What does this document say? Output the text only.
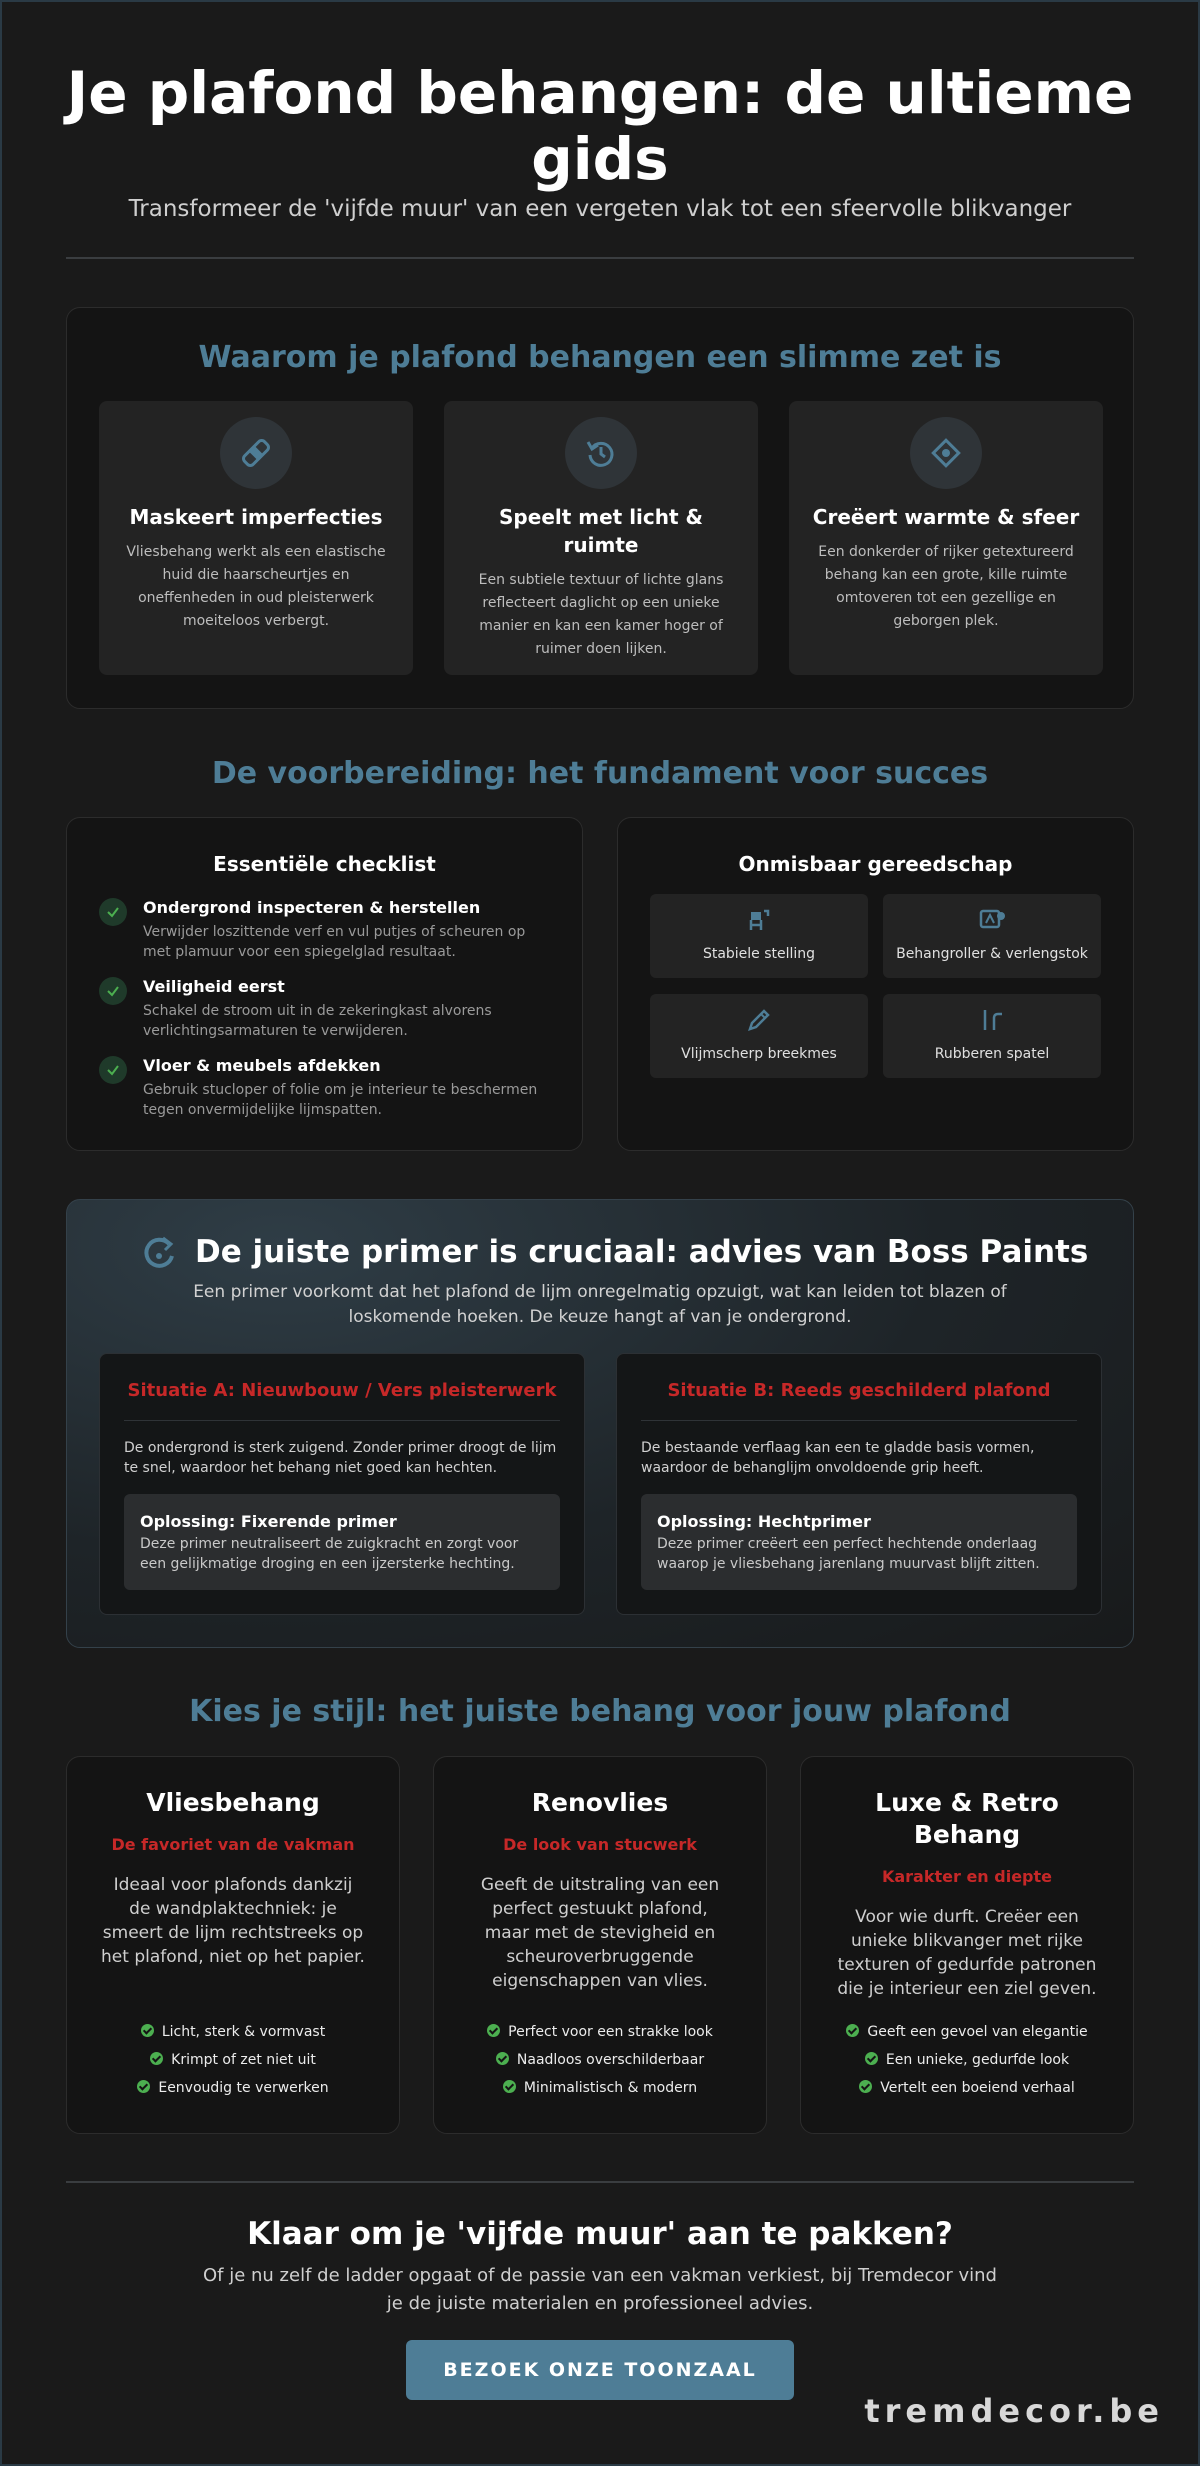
Je plafond behangen: de ultieme gids

Transformeer de 'vijfde muur' van een vergeten vlak tot een sfeervolle blikvanger

Waarom je plafond behangen een slimme zet is
Maskeert imperfecties

Vliesbehang werkt als een elastische huid die haarscheurtjes en oneffenheden in oud pleisterwerk moeiteloos verbergt.

Speelt met licht & ruimte

Een subtiele textuur of lichte glans reflecteert daglicht op een unieke manier en kan een kamer hoger of ruimer doen lijken.

Creëert warmte & sfeer

Een donkerder of rijker getextureerd behang kan een grote, kille ruimte omtoveren tot een gezellige en geborgen plek.

De voorbereiding: het fundament voor succes
Essentiële checklist
Ondergrond inspecteren & herstellen
Verwijder loszittende verf en vul putjes of scheuren op met plamuur voor een spiegelglad resultaat.
Veiligheid eerst
Schakel de stroom uit in de zekeringkast alvorens verlichtingsarmaturen te verwijderen.
Vloer & meubels afdekken
Gebruik stucloper of folie om je interieur te beschermen tegen onvermijdelijke lijmspatten.
Onmisbaar gereedschap
Stabiele stelling	Behangroller & verlengstok
Vlijmscherp breekmes	Rubberen spatel
De juiste primer is cruciaal: advies van Boss Paints

Een primer voorkomt dat het plafond de lijm onregelmatig opzuigt, wat kan leiden tot blazen of loskomende hoeken. De keuze hangt af van je ondergrond.

Situatie A: Nieuwbouw / Vers pleisterwerk
De ondergrond is sterk zuigend. Zonder primer droogt de lijm te snel, waardoor het behang niet goed kan hechten.
Oplossing: Fixerende primer
Deze primer neutraliseert de zuigkracht en zorgt voor een gelijkmatige droging en een ijzersterke hechting.
Situatie B: Reeds geschilderd plafond
De bestaande verflaag kan een te gladde basis vormen, waardoor de behanglijm onvoldoende grip heeft.
Oplossing: Hechtprimer
Deze primer creëert een perfect hechtende onderlaag waarop je vliesbehang jarenlang muurvast blijft zitten.
Kies je stijl: het juiste behang voor jouw plafond
Vliesbehang
De favoriet van de vakman
Ideaal voor plafonds dankzij de wandplaktechniek: je smeert de lijm rechtstreeks op het plafond, niet op het papier.
Licht, sterk & vormvast
Krimpt of zet niet uit
Eenvoudig te verwerken
Renovlies
De look van stucwerk
Geeft de uitstraling van een perfect gestuukt plafond, maar met de stevigheid en scheuroverbruggende eigenschappen van vlies.
Perfect voor een strakke look
Naadloos overschilderbaar
Minimalistisch & modern
Luxe & Retro Behang
Karakter en diepte
Voor wie durft. Creëer een unieke blikvanger met rijke texturen of gedurfde patronen die je interieur een ziel geven.
Geeft een gevoel van elegantie
Een unieke, gedurfde look
Vertelt een boeiend verhaal
Klaar om je 'vijfde muur' aan te pakken?

Of je nu zelf de ladder opgaat of de passie van een vakman verkiest, bij Tremdecor vind je de juiste materialen en professioneel advies.

BEZOEK ONZE TOONZAAL
tremdecor.be
